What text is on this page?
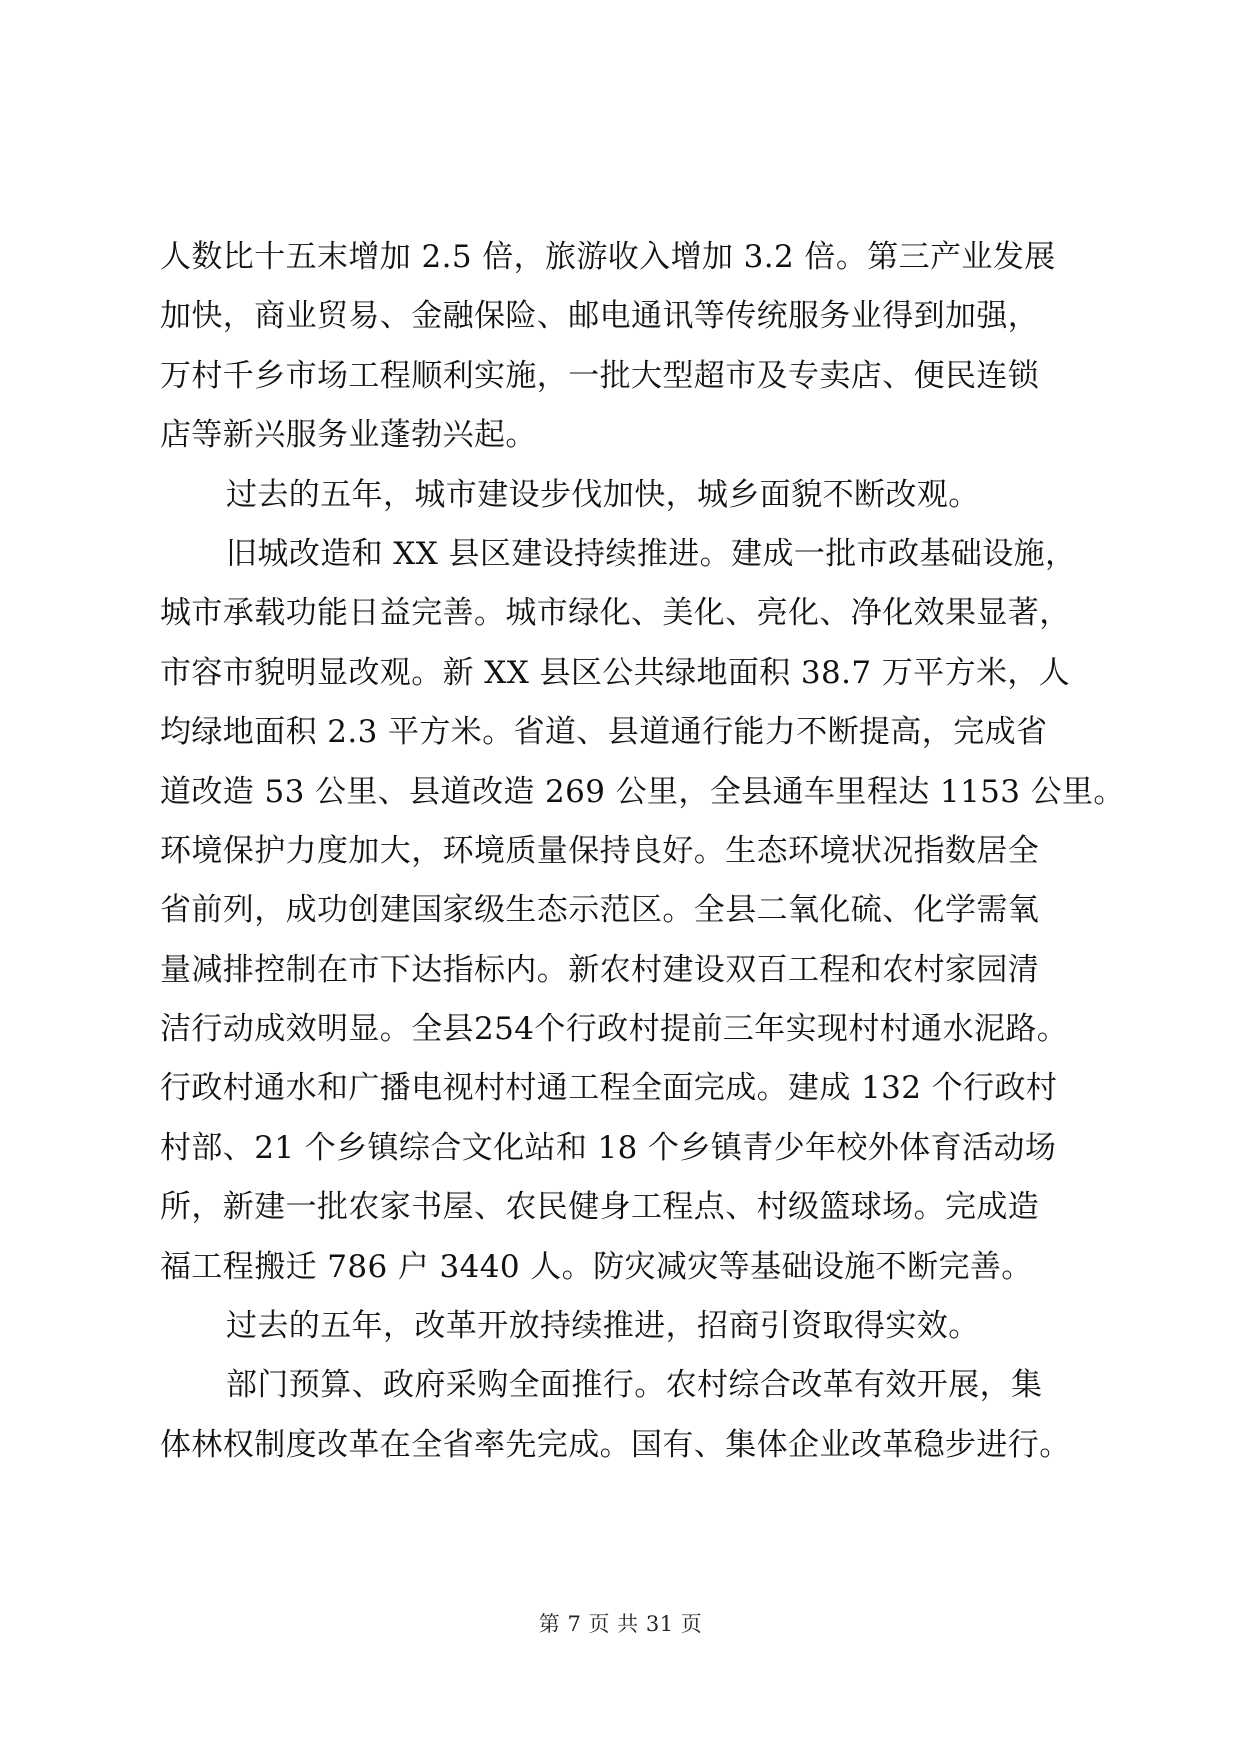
人数比十五末增加 2.5 倍，旅游收入增加 3.2 倍。第三产业发展
加快，商业贸易、金融保险、邮电通讯等传统服务业得到加强，
万村千乡市场工程顺利实施，一批大型超市及专卖店、便民连锁
店等新兴服务业蓬勃兴起。
过去的五年，城市建设步伐加快，城乡面貌不断改观。
旧城改造和 XX 县区建设持续推进。建成一批市政基础设施，
城市承载功能日益完善。城市绿化、美化、亮化、净化效果显著，
市容市貌明显改观。新 XX 县区公共绿地面积 38.7 万平方米，人
均绿地面积 2.3 平方米。省道、县道通行能力不断提高，完成省
道改造 53 公里、县道改造 269 公里，全县通车里程达 1153 公里。
环境保护力度加大，环境质量保持良好。生态环境状况指数居全
省前列，成功创建国家级生态示范区。全县二氧化硫、化学需氧
量减排控制在市下达指标内。新农村建设双百工程和农村家园清
洁行动成效明显。全县254个行政村提前三年实现村村通水泥路。
行政村通水和广播电视村村通工程全面完成。建成 132 个行政村
村部、21 个乡镇综合文化站和 18 个乡镇青少年校外体育活动场
所，新建一批农家书屋、农民健身工程点、村级篮球场。完成造
福工程搬迁 786 户 3440 人。防灾减灾等基础设施不断完善。
过去的五年，改革开放持续推进，招商引资取得实效。
部门预算、政府采购全面推行。农村综合改革有效开展，集
体林权制度改革在全省率先完成。国有、集体企业改革稳步进行。
第 7 页 共 31 页
